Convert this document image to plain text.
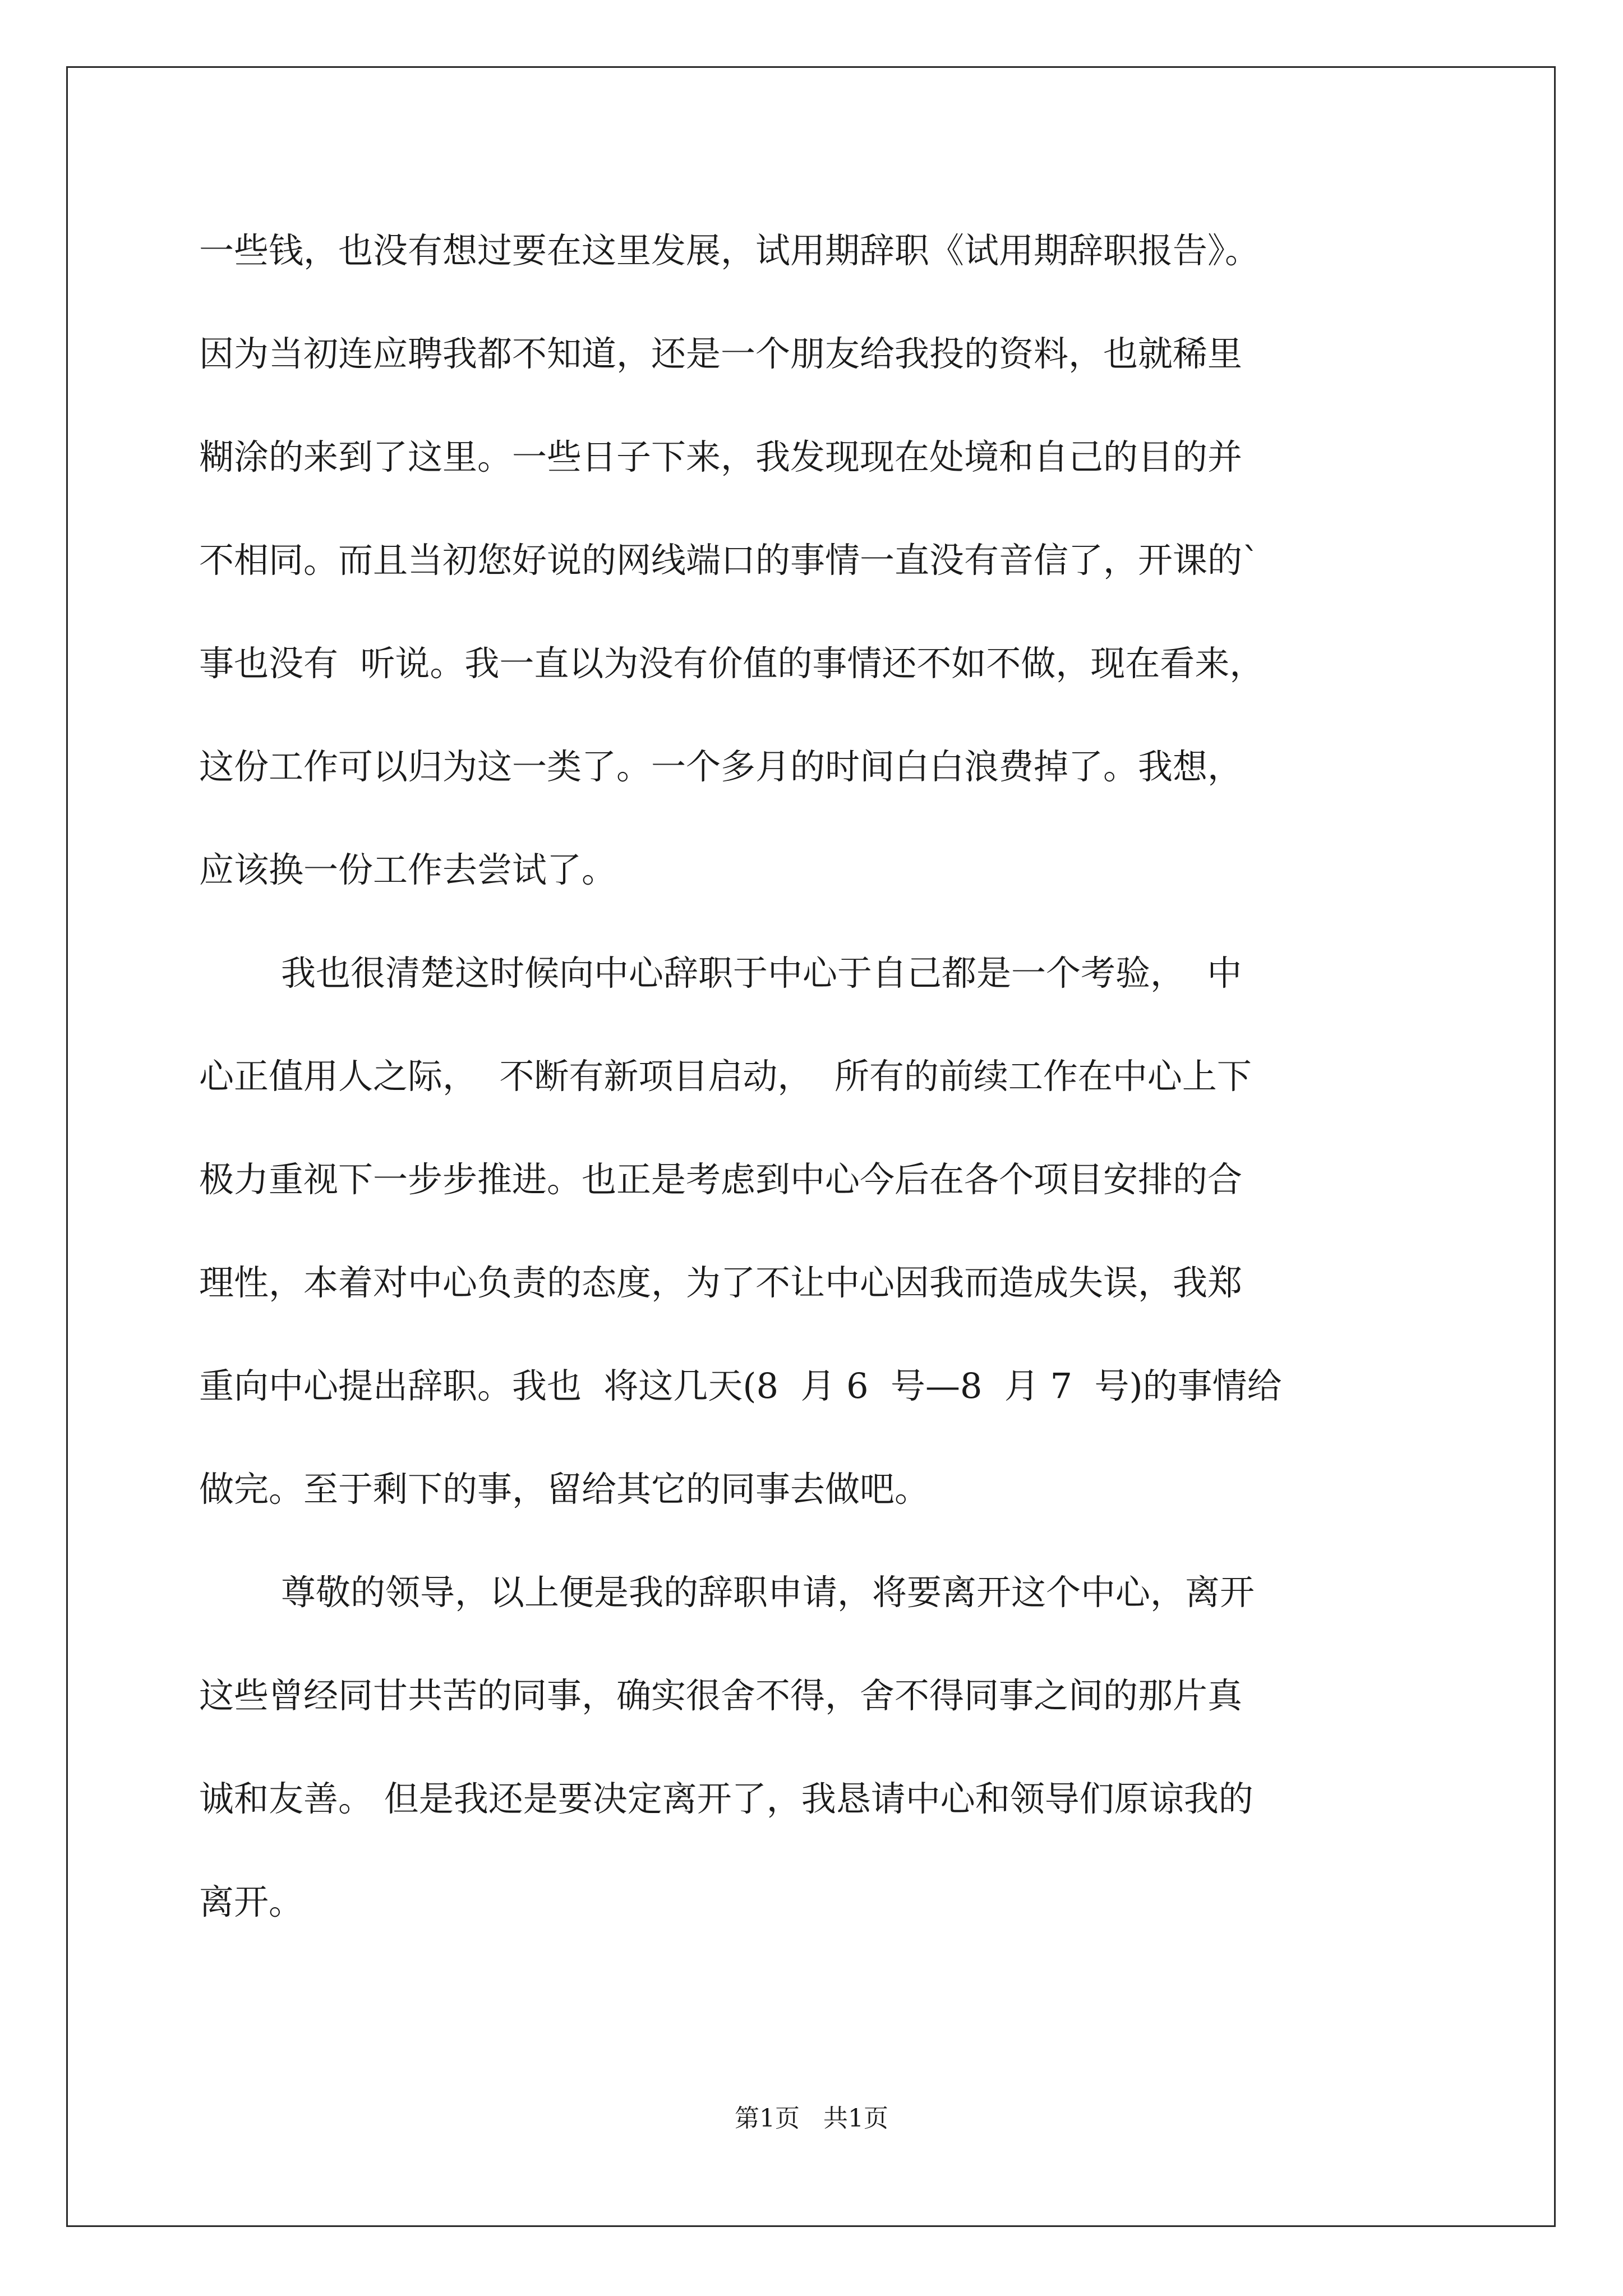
一些钱，也没有想过要在这里发展，试用期辞职《试用期辞职报告》。
因为当初连应聘我都不知道，还是一个朋友给我投的资料，也就稀里
糊涂的来到了这里。一些日子下来，我发现现在处境和自己的目的并
不相同。而且当初您好说的网线端口的事情一直没有音信了，开课的`
事也没有  听说。我一直以为没有价值的事情还不如不做，现在看来，
这份工作可以归为这一类了。一个多月的时间白白浪费掉了。我想，
应该换一份工作去尝试了。
我也很清楚这时候向中心辞职于中心于自己都是一个考验，  中
心正值用人之际，  不断有新项目启动，  所有的前续工作在中心上下
极力重视下一步步推进。也正是考虑到中心今后在各个项目安排的合
理性，本着对中心负责的态度，为了不让中心因我而造成失误，我郑
重向中心提出辞职。我也  将这几天(8  月 6  号—8  月 7  号)的事情给
做完。至于剩下的事，留给其它的同事去做吧。
尊敬的领导，以上便是我的辞职申请，将要离开这个中心，离开
这些曾经同甘共苦的同事，确实很舍不得，舍不得同事之间的那片真
诚和友善。 但是我还是要决定离开了，我恳请中心和领导们原谅我的
离开。
第1页   共1页
